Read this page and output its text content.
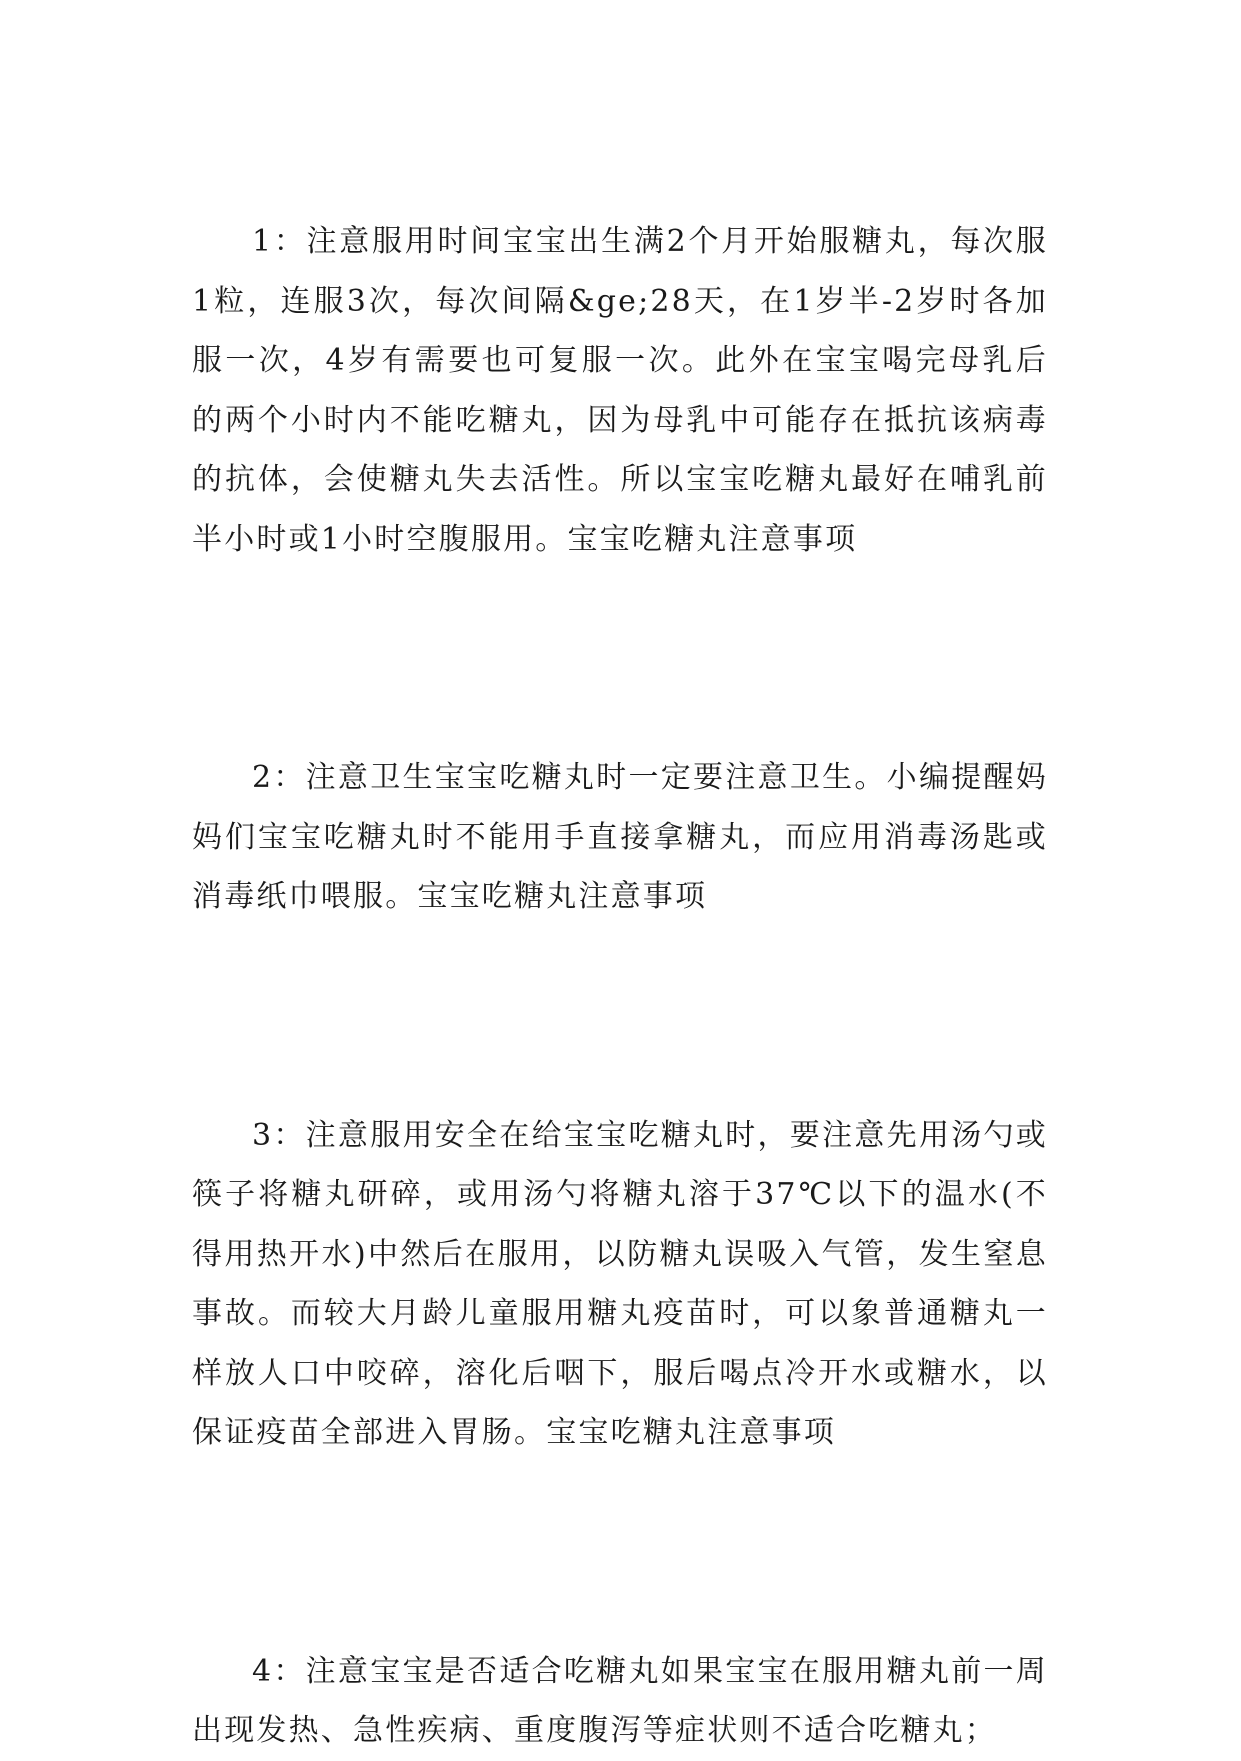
1：注意服用时间宝宝出生满2个月开始服糖丸，每次服1粒，连服3次，每次间隔&ge;28天，在1岁半-2岁时各加服一次，4岁有需要也可复服一次。此外在宝宝喝完母乳后的两个小时内不能吃糖丸，因为母乳中可能存在抵抗该病毒的抗体，会使糖丸失去活性。所以宝宝吃糖丸最好在哺乳前半小时或1小时空腹服用。宝宝吃糖丸注意事项

2：注意卫生宝宝吃糖丸时一定要注意卫生。小编提醒妈妈们宝宝吃糖丸时不能用手直接拿糖丸，而应用消毒汤匙或消毒纸巾喂服。宝宝吃糖丸注意事项

3：注意服用安全在给宝宝吃糖丸时，要注意先用汤勺或筷子将糖丸研碎，或用汤勺将糖丸溶于37℃以下的温水(不得用热开水)中然后在服用，以防糖丸误吸入气管，发生窒息事故。而较大月龄儿童服用糖丸疫苗时，可以象普通糖丸一样放人口中咬碎，溶化后咽下，服后喝点冷开水或糖水，以保证疫苗全部进入胃肠。宝宝吃糖丸注意事项

4：注意宝宝是否适合吃糖丸如果宝宝在服用糖丸前一周出现发热、急性疾病、重度腹泻等症状则不适合吃糖丸；
